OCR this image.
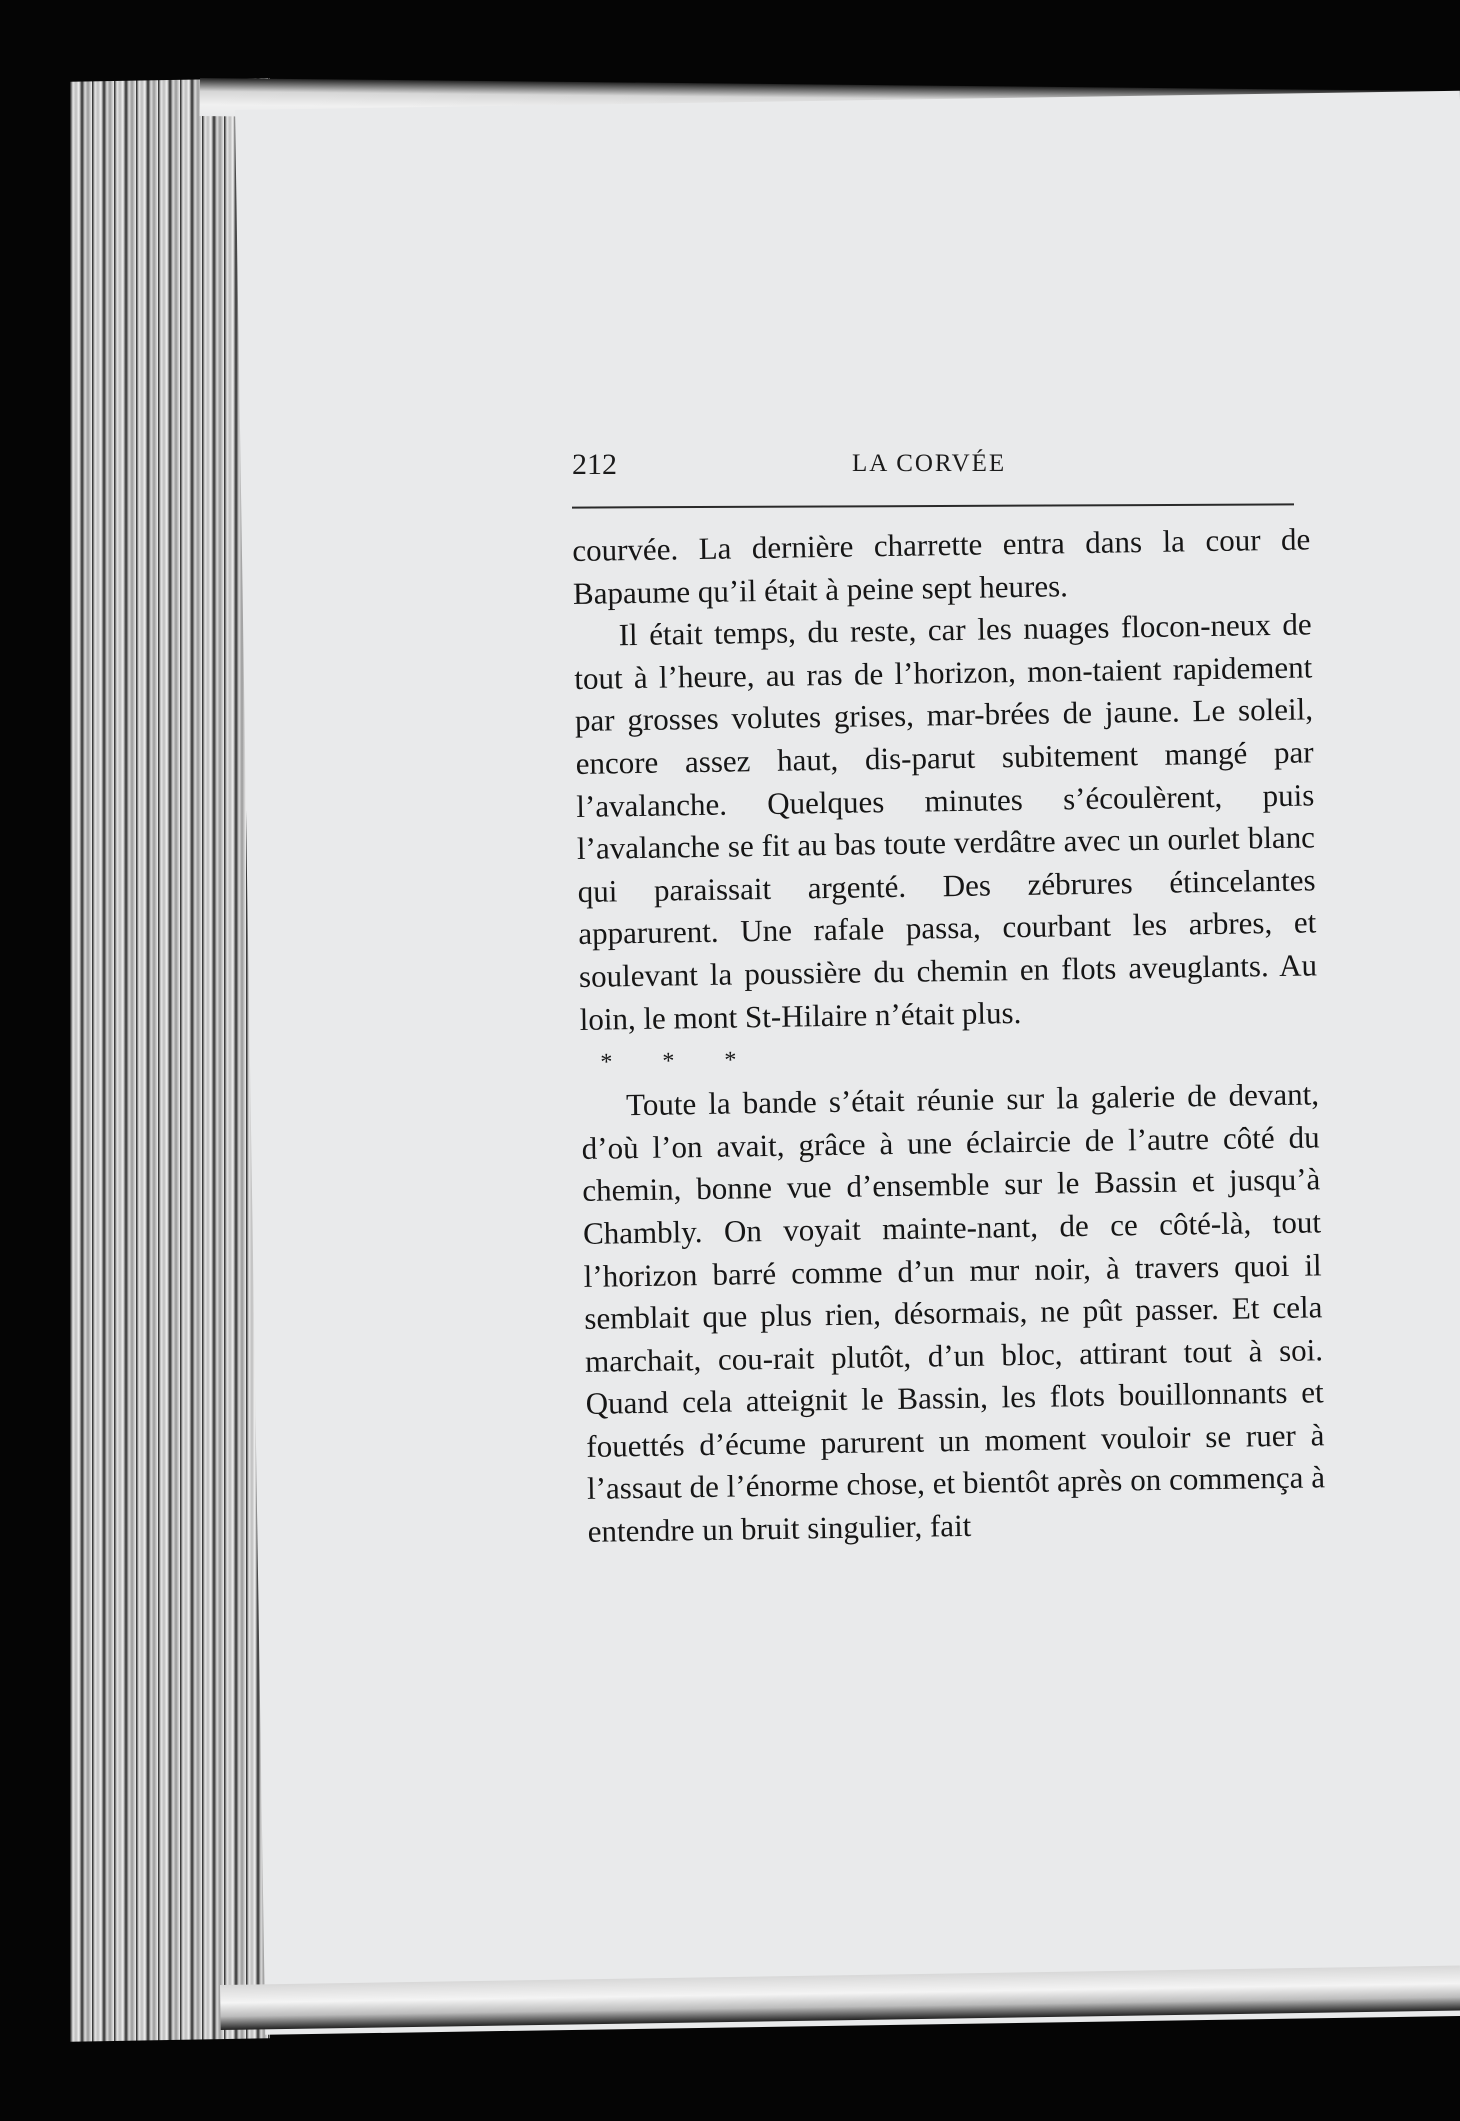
212	LA CORVÉE

courvée. La dernière charrette entra dans la cour de Bapaume qu’il était à peine sept heures.

Il était temps, du reste, car les nuages flocon-neux de tout à l’heure, au ras de l’horizon, mon-taient rapidement par grosses volutes grises, mar-brées de jaune. Le soleil, encore assez haut, dis-parut subitement mangé par l’avalanche. Quelques minutes s’écoulèrent, puis l’avalanche se fit au bas toute verdâtre avec un ourlet blanc qui paraissait argenté. Des zébrures étincelantes apparurent. Une rafale passa, courbant les arbres, et soulevant la poussière du chemin en flots aveuglants. Au loin, le mont St-Hilaire n’était plus.

* * *

Toute la bande s’était réunie sur la galerie de devant, d’où l’on avait, grâce à une éclaircie de l’autre côté du chemin, bonne vue d’ensemble sur le Bassin et jusqu’à Chambly. On voyait mainte-nant, de ce côté-là, tout l’horizon barré comme d’un mur noir, à travers quoi il semblait que plus rien, désormais, ne pût passer. Et cela marchait, cou-rait plutôt, d’un bloc, attirant tout à soi. Quand cela atteignit le Bassin, les flots bouillonnants et fouettés d’écume parurent un moment vouloir se ruer à l’assaut de l’énorme chose, et bientôt après on commença à entendre un bruit singulier, fait
